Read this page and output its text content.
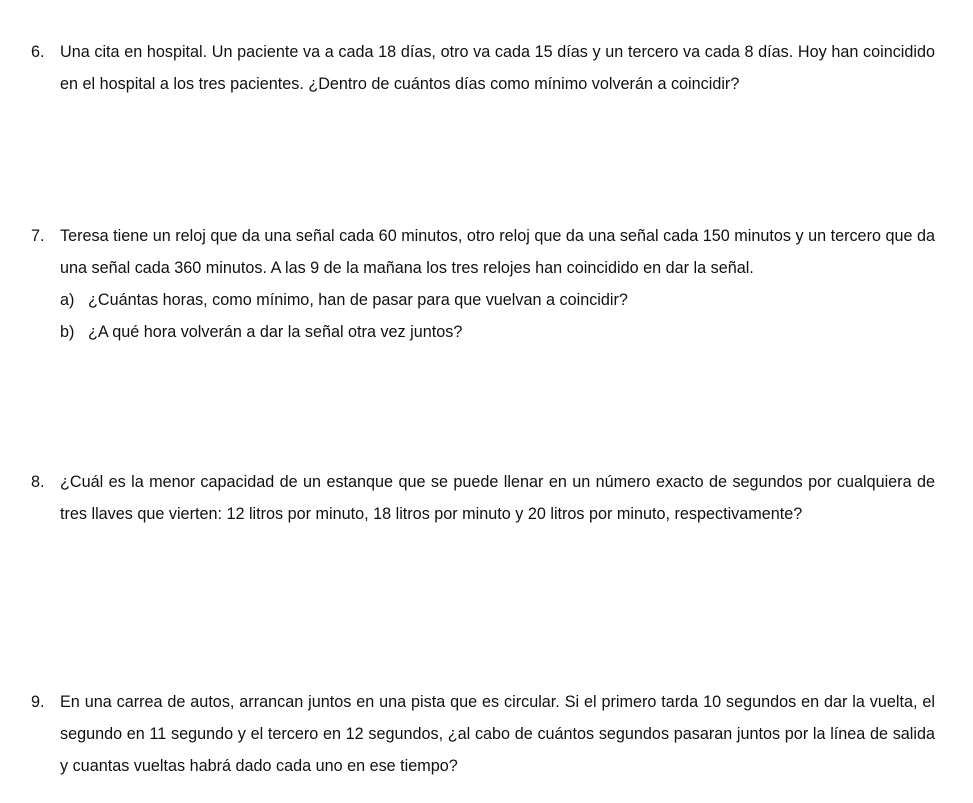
6. Una cita en hospital. Un paciente va a cada 18 días, otro va cada 15 días y un tercero va cada 8 días. Hoy han coincidido en el hospital a los tres pacientes. ¿Dentro de cuántos días como mínimo volverán a coincidir?
7. Teresa tiene un reloj que da una señal cada 60 minutos, otro reloj que da una señal cada 150 minutos y un tercero que da una señal cada 360 minutos. A las 9 de la mañana los tres relojes han coincidido en dar la señal.
a) ¿Cuántas horas, como mínimo, han de pasar para que vuelvan a coincidir?
b) ¿A qué hora volverán a dar la señal otra vez juntos?
8. ¿Cuál es la menor capacidad de un estanque que se puede llenar en un número exacto de segundos por cualquiera de tres llaves que vierten: 12 litros por minuto, 18 litros por minuto y 20 litros por minuto, respectivamente?
9. En una carrea de autos, arrancan juntos en una pista que es circular. Si el primero tarda 10 segundos en dar la vuelta, el segundo en 11 segundo y el tercero en 12 segundos, ¿al cabo de cuántos segundos pasaran juntos por la línea de salida y cuantas vueltas habrá dado cada uno en ese tiempo?
